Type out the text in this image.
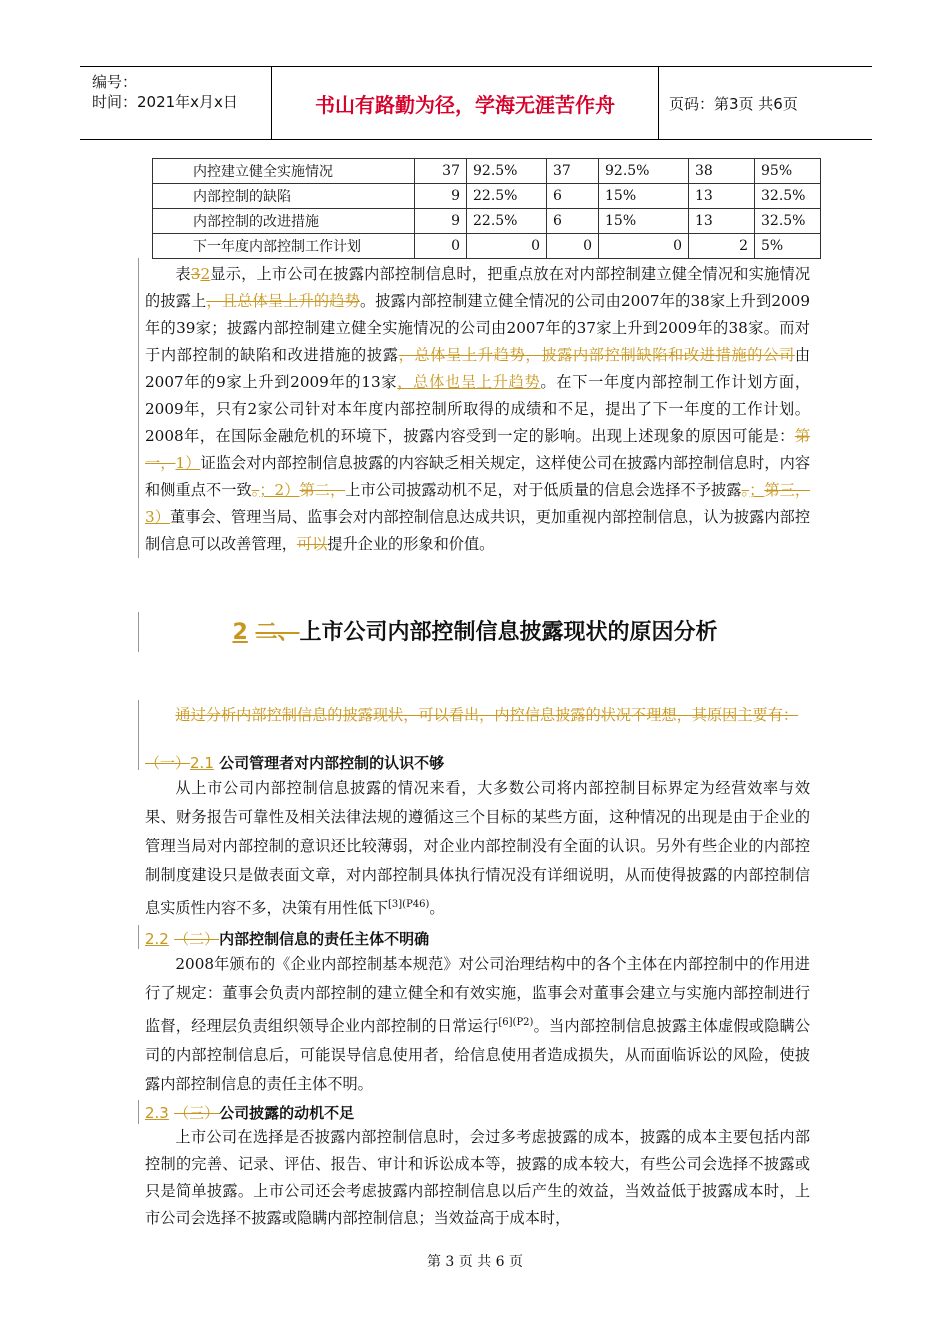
编号：
时间：2021年x月x日	书山有路勤为径，学海无涯苦作舟	页码：第3页 共6页
内控建立健全实施情况	37	92.5%	37	92.5%	38	95%
内部控制的缺陷	9	22.5%	6	15%	13	32.5%
内部控制的改进措施	9	22.5%	6	15%	13	32.5%
下一年度内部控制工作计划	0	0	0	0	2	5%
表32显示，上市公司在披露内部控制信息时，把重点放在对内部控制建立健全情况和实施情况的披露上，且总体呈上升的趋势。披露内部控制建立健全情况的公司由2007年的38家上升到2009年的39家；披露内部控制建立健全实施情况的公司由2007年的37家上升到2009年的38家。而对于内部控制的缺陷和改进措施的披露，总体呈上升趋势，披露内部控制缺陷和改进措施的公司由2007年的9家上升到2009年的13家，总体也呈上升趋势。在下一年度内部控制工作计划方面，2009年，只有2家公司针对本年度内部控制所取得的成绩和不足，提出了下一年度的工作计划。2008年，在国际金融危机的环境下，披露内容受到一定的影响。出现上述现象的原因可能是：第一，1）证监会对内部控制信息披露的内容缺乏相关规定，这样使公司在披露内部控制信息时，内容和侧重点不一致。；2）第二，上市公司披露动机不足，对于低质量的信息会选择不予披露。；第三，3）董事会、管理当局、监事会对内部控制信息达成共识，更加重视内部控制信息，认为披露内部控制信息可以改善管理，可以提升企业的形象和价值。
2 二、上市公司内部控制信息披露现状的原因分析
通过分析内部控制信息的披露现状，可以看出，内控信息披露的状况不理想，其原因主要有：
（一）2.1 公司管理者对内部控制的认识不够
从上市公司内部控制信息披露的情况来看，大多数公司将内部控制目标界定为经营效率与效果、财务报告可靠性及相关法律法规的遵循这三个目标的某些方面，这种情况的出现是由于企业的管理当局对内部控制的意识还比较薄弱，对企业内部控制没有全面的认识。另外有些企业的内部控制制度建设只是做表面文章，对内部控制具体执行情况没有详细说明，从而使得披露的内部控制信息实质性内容不多，决策有用性低下$^{[3](P46)}$。
2.2 （二）内部控制信息的责任主体不明确
2008年颁布的《企业内部控制基本规范》对公司治理结构中的各个主体在内部控制中的作用进行了规定：董事会负责内部控制的建立健全和有效实施，监事会对董事会建立与实施内部控制进行监督，经理层负责组织领导企业内部控制的日常运行$^{[6](P2)}$。当内部控制信息披露主体虚假或隐瞒公司的内部控制信息后，可能误导信息使用者，给信息使用者造成损失，从而面临诉讼的风险，使披露内部控制信息的责任主体不明。
2.3 （三）公司披露的动机不足
上市公司在选择是否披露内部控制信息时，会过多考虑披露的成本，披露的成本主要包括内部控制的完善、记录、评估、报告、审计和诉讼成本等，披露的成本较大，有些公司会选择不披露或只是简单披露。上市公司还会考虑披露内部控制信息以后产生的效益，当效益低于披露成本时，上市公司会选择不披露或隐瞒内部控制信息；当效益高于成本时，
第 3 页 共 6 页
